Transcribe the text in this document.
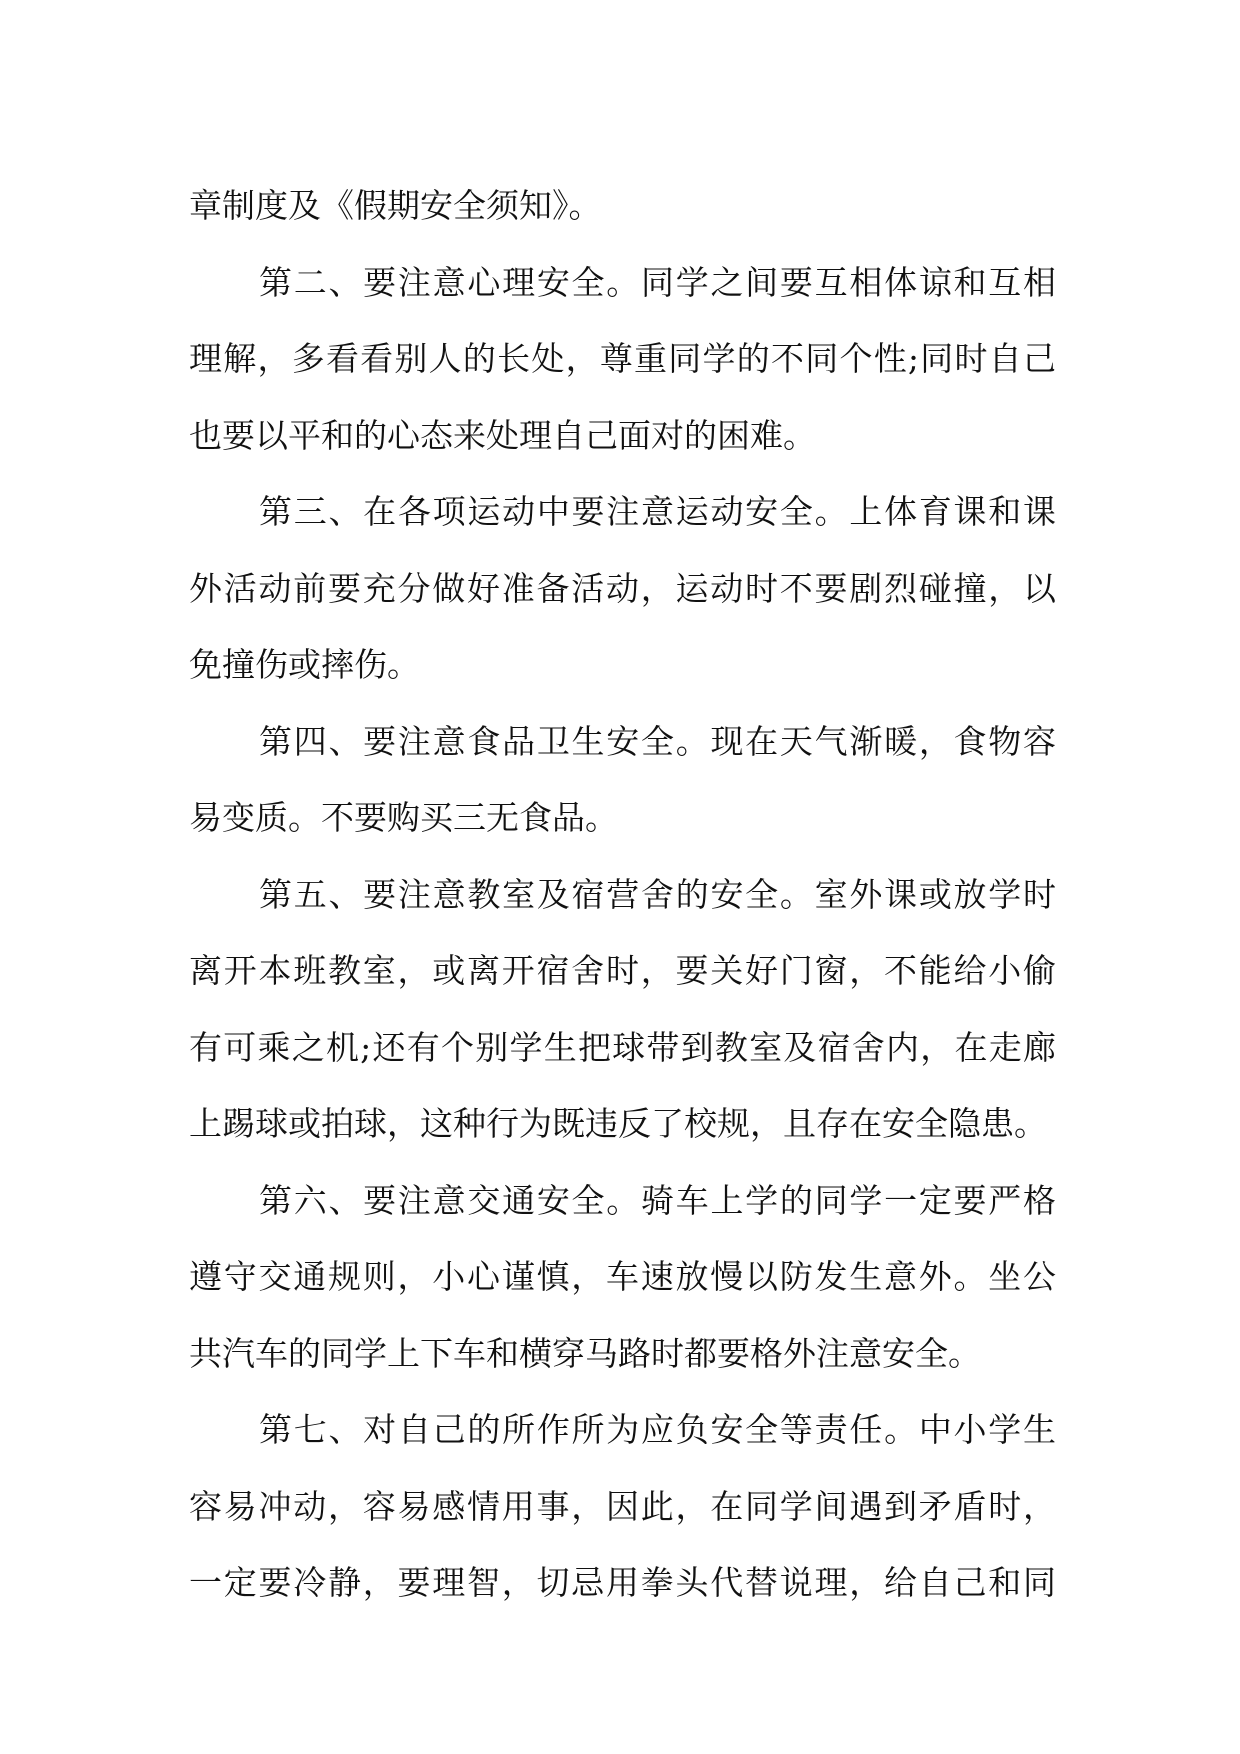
章制度及《假期安全须知》。
第二、要注意心理安全。同学之间要互相体谅和互相
理解，多看看别人的长处，尊重同学的不同个性;同时自己
也要以平和的心态来处理自己面对的困难。
第三、在各项运动中要注意运动安全。上体育课和课
外活动前要充分做好准备活动，运动时不要剧烈碰撞，以
免撞伤或摔伤。
第四、要注意食品卫生安全。现在天气渐暖，食物容
易变质。不要购买三无食品。
第五、要注意教室及宿营舍的安全。室外课或放学时
离开本班教室，或离开宿舍时，要关好门窗，不能给小偷
有可乘之机;还有个别学生把球带到教室及宿舍内，在走廊
上踢球或拍球，这种行为既违反了校规，且存在安全隐患。
第六、要注意交通安全。骑车上学的同学一定要严格
遵守交通规则，小心谨慎，车速放慢以防发生意外。坐公
共汽车的同学上下车和横穿马路时都要格外注意安全。
第七、对自己的所作所为应负安全等责任。中小学生
容易冲动，容易感情用事，因此，在同学间遇到矛盾时，
一定要冷静，要理智，切忌用拳头代替说理，给自己和同
